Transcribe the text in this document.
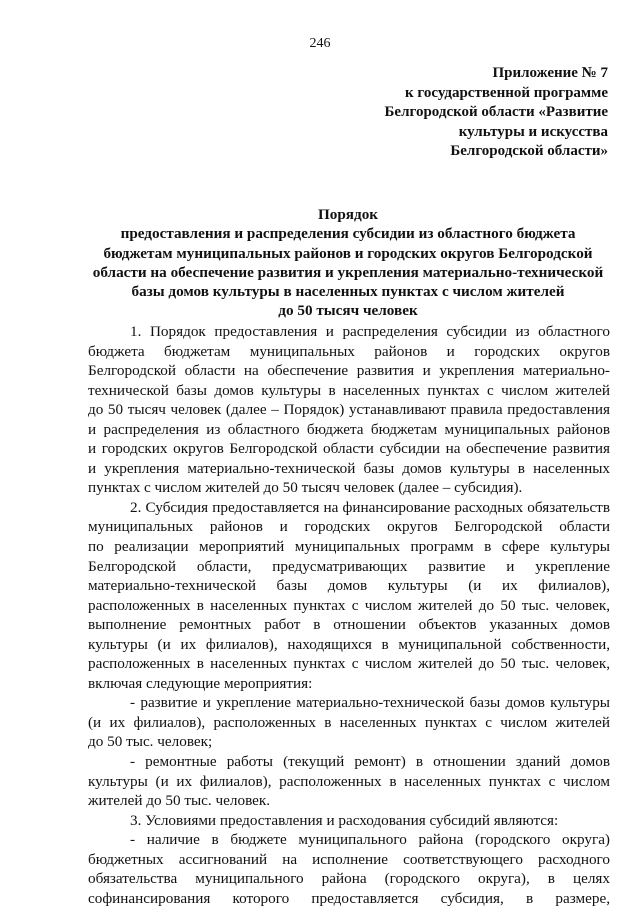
246
Приложение № 7
к государственной программе
Белгородской области «Развитие
культуры и искусства
Белгородской области»
Порядок
предоставления и распределения субсидии из областного бюджета
бюджетам муниципальных районов и городских округов Белгородской
области на обеспечение развития и укрепления материально-технической
базы домов культуры в населенных пунктах с числом жителей
до 50 тысяч человек
1. Порядок предоставления и распределения субсидии из областного
бюджета бюджетам муниципальных районов и городских округов
Белгородской области на обеспечение развития и укрепления материально-
технической базы домов культуры в населенных пунктах с числом жителей
до 50 тысяч человек (далее – Порядок) устанавливают правила предоставления
и распределения из областного бюджета бюджетам муниципальных районов
и городских округов Белгородской области субсидии на обеспечение развития
и укрепления материально-технической базы домов культуры в населенных
пунктах с числом жителей до 50 тысяч человек (далее – субсидия).
2. Субсидия предоставляется на финансирование расходных обязательств
муниципальных районов и городских округов Белгородской области
по реализации мероприятий муниципальных программ в сфере культуры
Белгородской области, предусматривающих развитие и укрепление
материально-технической базы домов культуры (и их филиалов),
расположенных в населенных пунктах с числом жителей до 50 тыс. человек,
выполнение ремонтных работ в отношении объектов указанных домов
культуры (и их филиалов), находящихся в муниципальной собственности,
расположенных в населенных пунктах с числом жителей до 50 тыс. человек,
включая следующие мероприятия:
- развитие и укрепление материально-технической базы домов культуры
(и их филиалов), расположенных в населенных пунктах с числом жителей
до 50 тыс. человек;
- ремонтные работы (текущий ремонт) в отношении зданий домов
культуры (и их филиалов), расположенных в населенных пунктах с числом
жителей до 50 тыс. человек.
3. Условиями предоставления и расходования субсидий являются:
- наличие в бюджете муниципального района (городского округа)
бюджетных ассигнований на исполнение соответствующего расходного
обязательства муниципального района (городского округа), в целях
софинансирования которого предоставляется субсидия, в размере,
